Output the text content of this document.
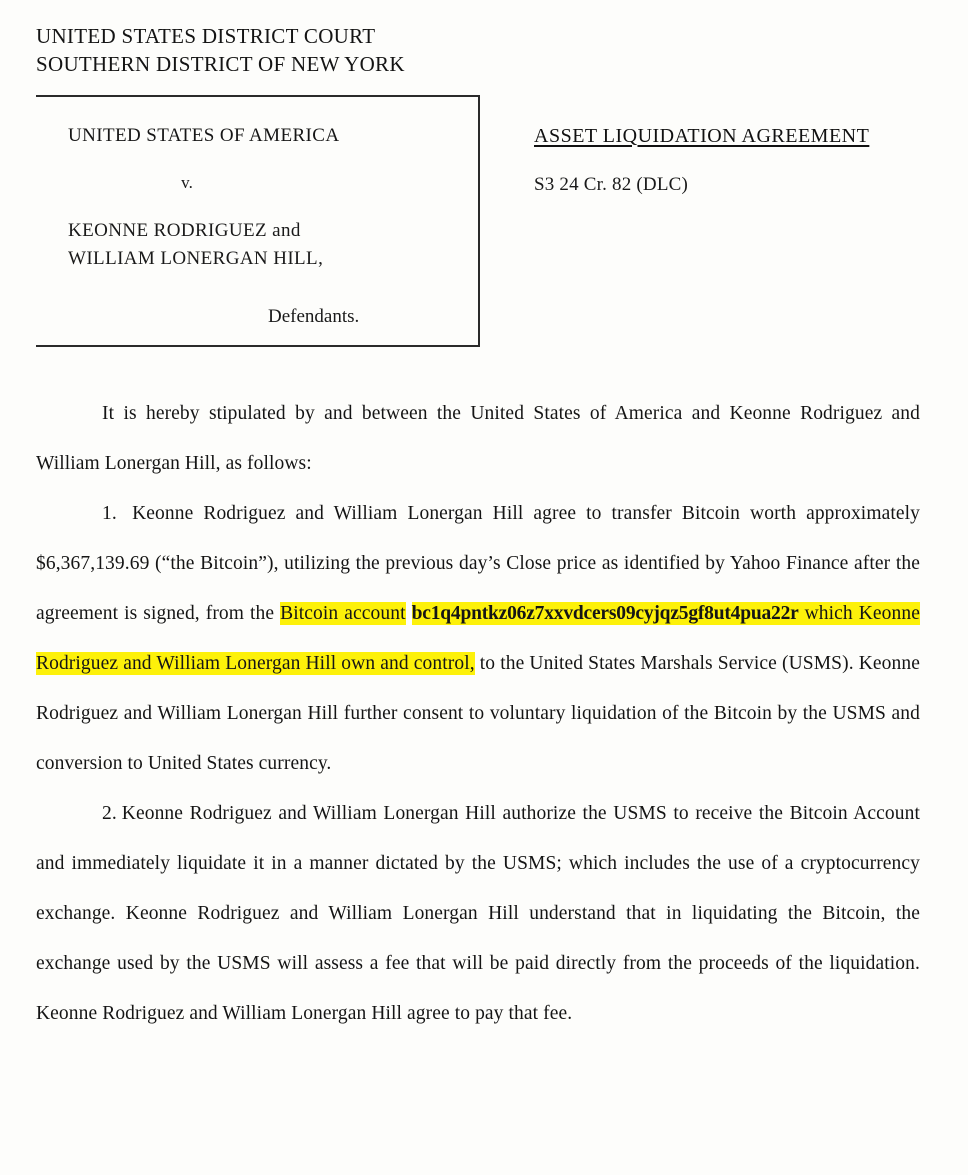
UNITED STATES DISTRICT COURT
SOUTHERN DISTRICT OF NEW YORK
UNITED STATES OF AMERICA
v.
KEONNE RODRIGUEZ and
WILLIAM LONERGAN HILL,
Defendants.
ASSET LIQUIDATION AGREEMENT
S3 24 Cr. 82 (DLC)

It is hereby stipulated by and between the United States of America and Keonne Rodriguez and William Lonergan Hill, as follows:

1. Keonne Rodriguez and William Lonergan Hill agree to transfer Bitcoin worth approximately $6,367,139.69 (“the Bitcoin”), utilizing the previous day’s Close price as identified by Yahoo Finance after the agreement is signed, from the Bitcoin account bc1q4pntkz06z7xxvdcers09cyjqz5gf8ut4pua22r which Keonne Rodriguez and William Lonergan Hill own and control, to the United States Marshals Service (USMS). Keonne Rodriguez and William Lonergan Hill further consent to voluntary liquidation of the Bitcoin by the USMS and conversion to United States currency.

2. Keonne Rodriguez and William Lonergan Hill authorize the USMS to receive the Bitcoin Account and immediately liquidate it in a manner dictated by the USMS; which includes the use of a cryptocurrency exchange. Keonne Rodriguez and William Lonergan Hill understand that in liquidating the Bitcoin, the exchange used by the USMS will assess a fee that will be paid directly from the proceeds of the liquidation. Keonne Rodriguez and William Lonergan Hill agree to pay that fee.
